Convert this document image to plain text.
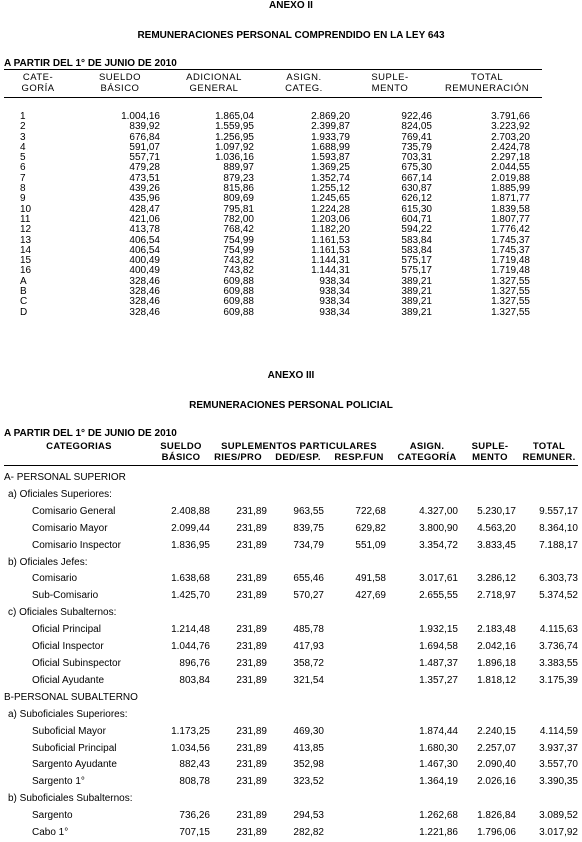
ANEXO II
REMUNERACIONES PERSONAL COMPRENDIDO EN LA LEY 643
A PARTIR DEL 1° DE JUNIO DE 2010
CATE-
GORÍA
SUELDO
BÁSICO
ADICIONAL
GENERAL
ASIGN.
CATEG.
SUPLE-
MENTO
TOTAL
REMUNERACIÓN
1	1.004,16	1.865,04	2.869,20	922,46	3.791,66
2	839,92	1.559,95	2.399,87	824,05	3.223,92
3	676,84	1.256,95	1.933,79	769,41	2.703,20
4	591,07	1.097,92	1.688,99	735,79	2.424,78
5	557,71	1.036,16	1.593,87	703,31	2.297,18
6	479,28	889,97	1.369,25	675,30	2.044,55
7	473,51	879,23	1.352,74	667,14	2.019,88
8	439,26	815,86	1.255,12	630,87	1.885,99
9	435,96	809,69	1.245,65	626,12	1.871,77
10	428,47	795,81	1.224,28	615,30	1.839,58
11	421,06	782,00	1.203,06	604,71	1.807,77
12	413,78	768,42	1.182,20	594,22	1.776,42
13	406,54	754,99	1.161,53	583,84	1.745,37
14	406,54	754,99	1.161,53	583,84	1.745,37
15	400,49	743,82	1.144,31	575,17	1.719,48
16	400,49	743,82	1.144,31	575,17	1.719,48
A	328,46	609,88	938,34	389,21	1.327,55
B	328,46	609,88	938,34	389,21	1.327,55
C	328,46	609,88	938,34	389,21	1.327,55
D	328,46	609,88	938,34	389,21	1.327,55
ANEXO III
REMUNERACIONES PERSONAL POLICIAL
A PARTIR DEL 1° DE JUNIO DE 2010
CATEGORIAS	SUELDO
BÁSICO
SUPLEMENTOS PARTICULARES
RIES/PRO	DED/ESP.	RESP.FUN
ASIGN.
CATEGORÍA
SUPLE-
MENTO
TOTAL
REMUNER.
A- PERSONAL SUPERIOR							
a) Oficiales Superiores:							
Comisario General	2.408,88	231,89	963,55	722,68	4.327,00	5.230,17	9.557,17
Comisario Mayor	2.099,44	231,89	839,75	629,82	3.800,90	4.563,20	8.364,10
Comisario Inspector	1.836,95	231,89	734,79	551,09	3.354,72	3.833,45	7.188,17
b) Oficiales Jefes:							
Comisario	1.638,68	231,89	655,46	491,58	3.017,61	3.286,12	6.303,73
Sub-Comisario	1.425,70	231,89	570,27	427,69	2.655,55	2.718,97	5.374,52
c) Oficiales Subalternos:							
Oficial Principal	1.214,48	231,89	485,78		1.932,15	2.183,48	4.115,63
Oficial Inspector	1.044,76	231,89	417,93		1.694,58	2.042,16	3.736,74
Oficial Subinspector	896,76	231,89	358,72		1.487,37	1.896,18	3.383,55
Oficial Ayudante	803,84	231,89	321,54		1.357,27	1.818,12	3.175,39
B-PERSONAL SUBALTERNO							
a) Suboficiales Superiores:							
Suboficial Mayor	1.173,25	231,89	469,30		1.874,44	2.240,15	4.114,59
Suboficial Principal	1.034,56	231,89	413,85		1.680,30	2.257,07	3.937,37
Sargento Ayudante	882,43	231,89	352,98		1.467,30	2.090,40	3.557,70
Sargento 1°	808,78	231,89	323,52		1.364,19	2.026,16	3.390,35
b) Suboficiales Subalternos:							
Sargento	736,26	231,89	294,53		1.262,68	1.826,84	3.089,52
Cabo 1°	707,15	231,89	282,82		1.221,86	1.796,06	3.017,92
